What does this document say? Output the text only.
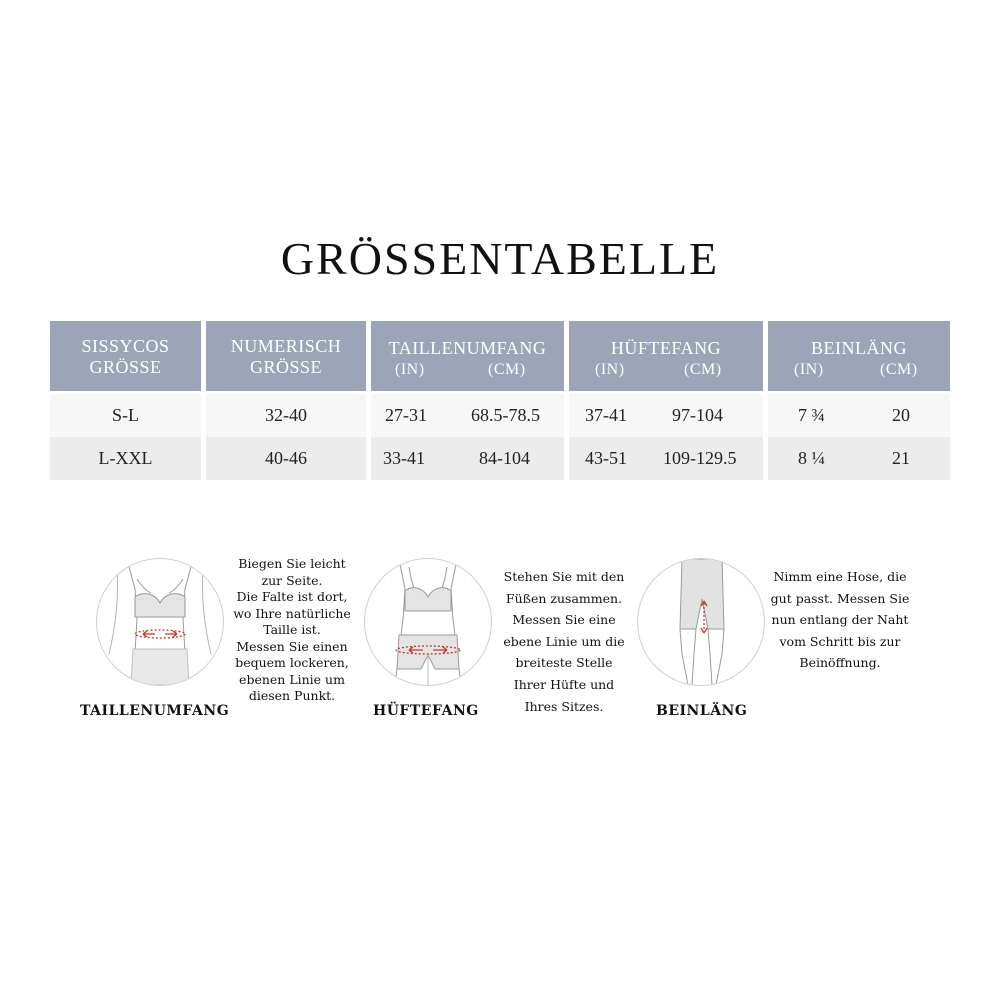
GRÖSSENTABELLE
SISSYCOS
GRÖSSE
NUMERISCH
GRÖSSE
TAILLENUMFANG
(IN)	(CM)
HÜFTEFANG
(IN)	(CM)
BEINLÄNG
(IN)	(CM)
S-L	32-40	27-31 68.5-78.5	37-41	97-104	7 ¾	20
L-XXL	40-46	33-41	84-104	43-51 109-129.5	8 ¼	21
Biegen Sie leicht
zur Seite.
Die Falte ist dort,
wo Ihre natürliche
Taille ist.
Messen Sie einen
bequem lockeren,
ebenen Linie um
diesen Punkt.
TAILLENUMFANG
Stehen Sie mit den
Füßen zusammen.
Messen Sie eine
ebene Linie um die
breiteste Stelle
Ihrer Hüfte und
Ihres Sitzes.
HÜFTEFANG
Nimm eine Hose, die
gut passt. Messen Sie
nun entlang der Naht
vom Schritt bis zur
Beinöffnung.
BEINLÄNG
